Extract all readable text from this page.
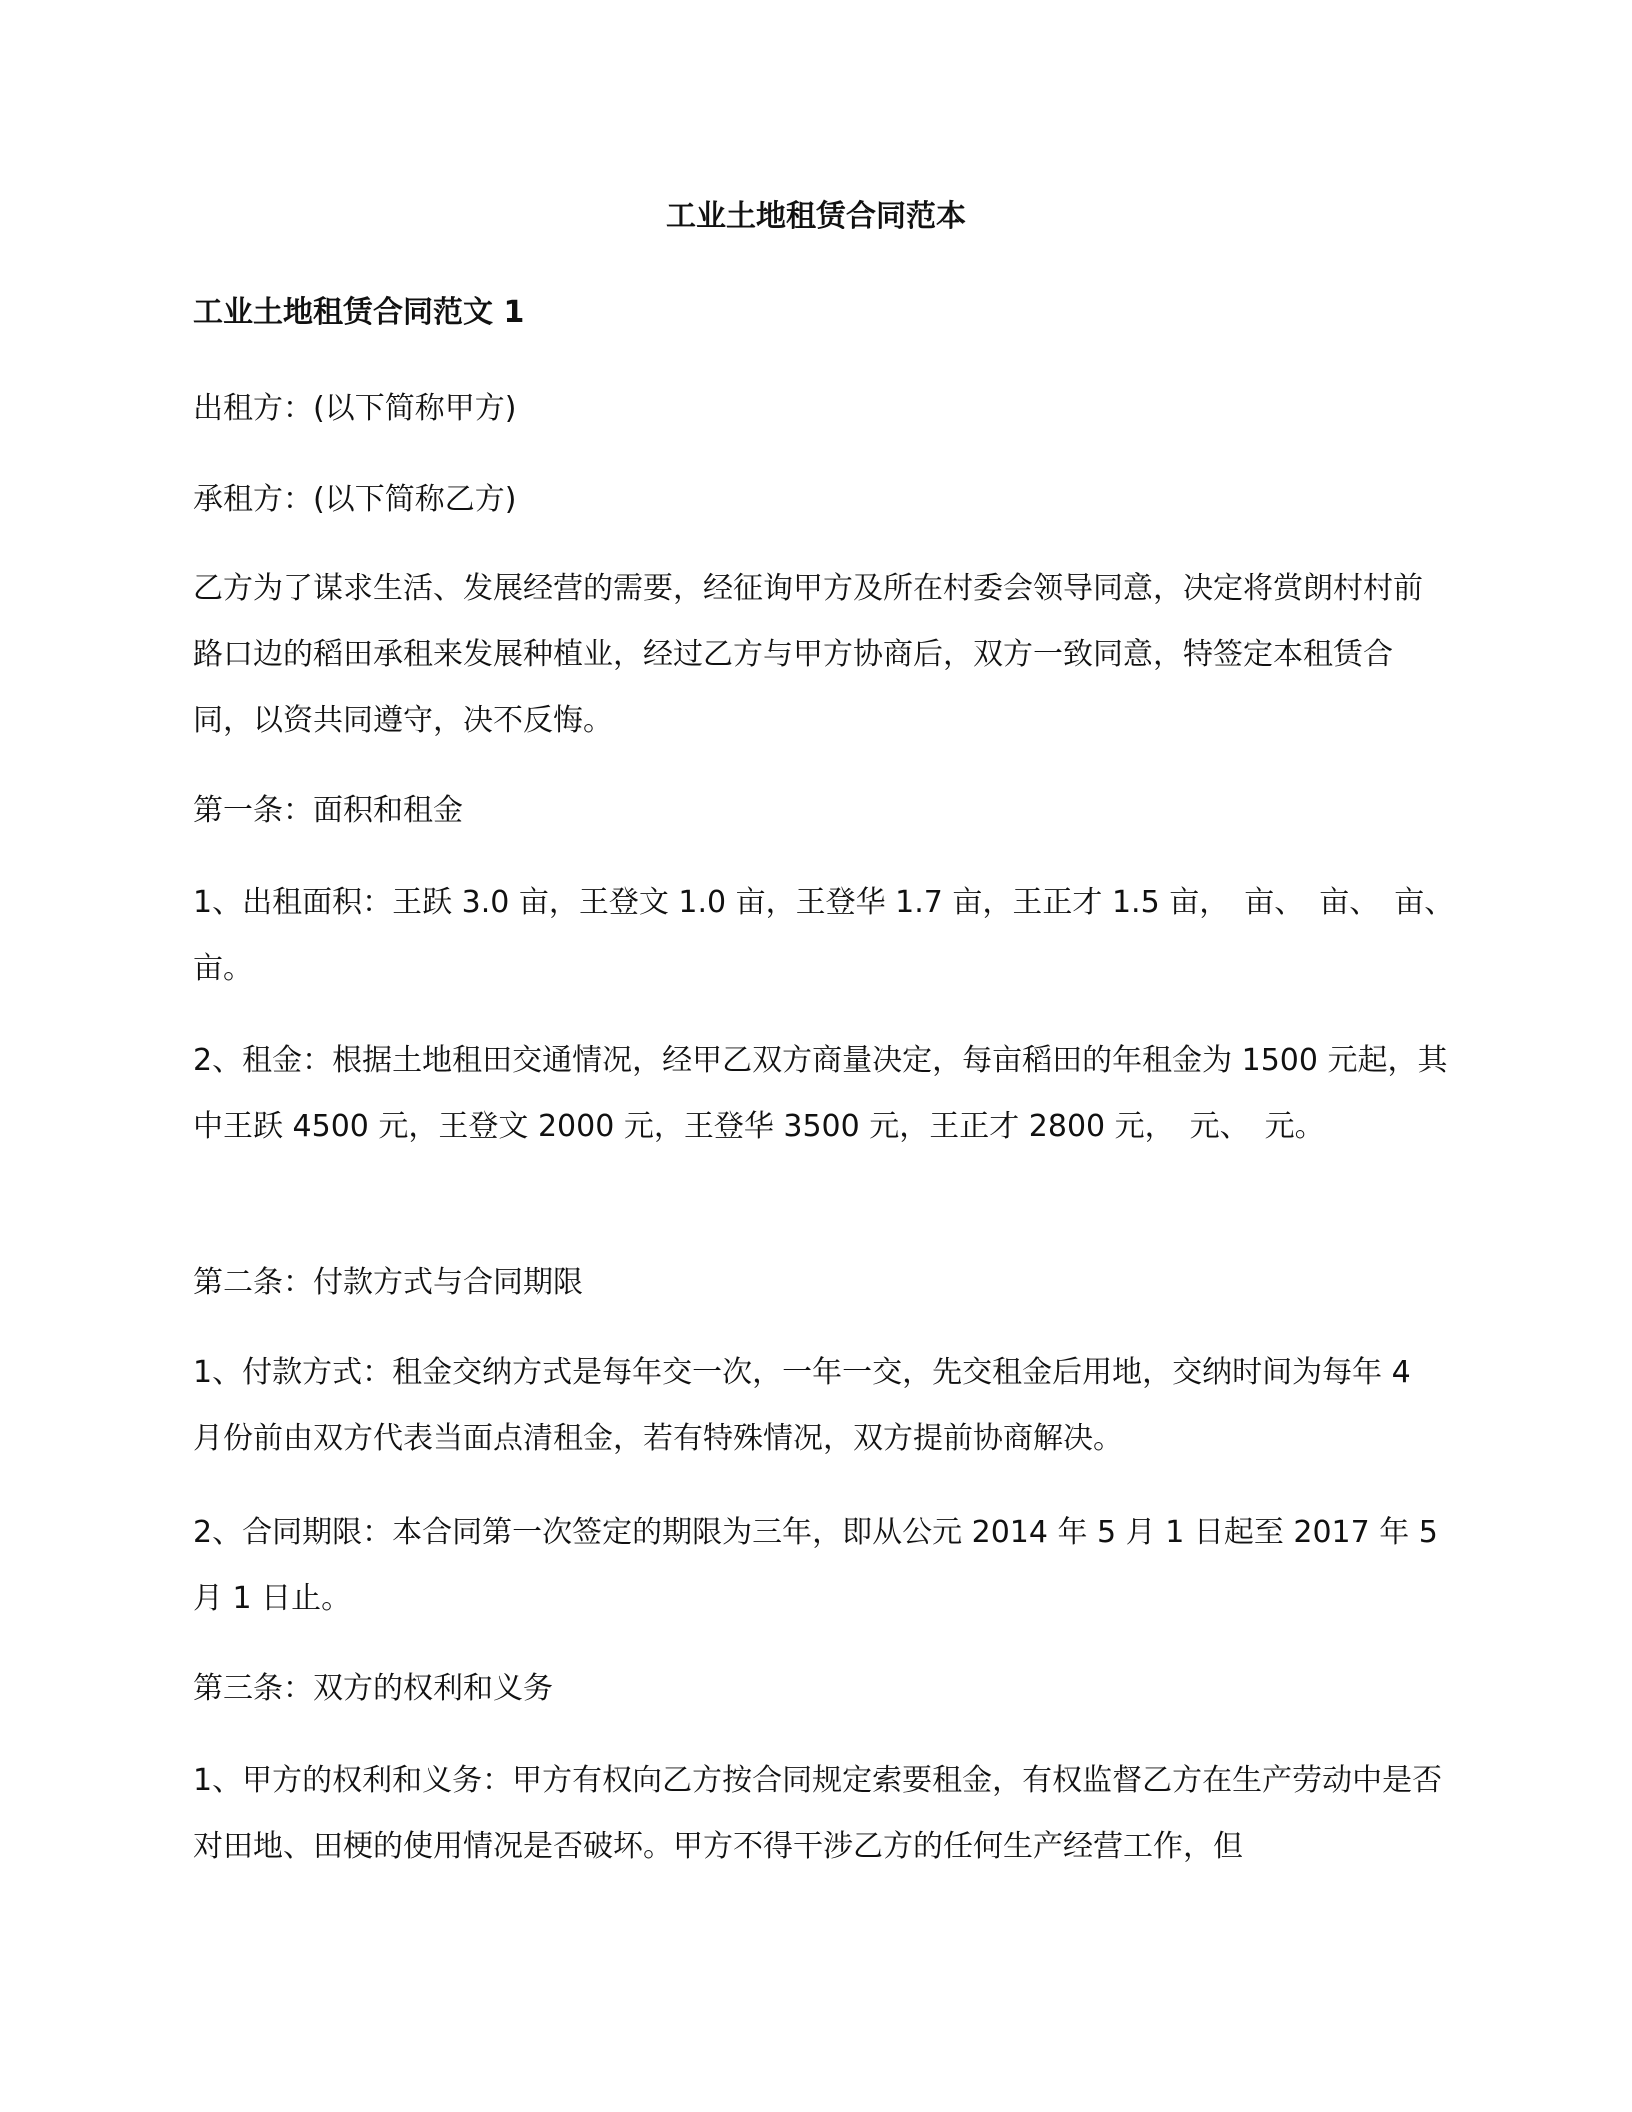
工业土地租赁合同范本
工业土地租赁合同范文 1

出租方：(以下简称甲方)

承租方：(以下简称乙方)

乙方为了谋求生活、发展经营的需要，经征询甲方及所在村委会领导同意，决定将赏朗村村前路口边的稻田承租来发展种植业，经过乙方与甲方协商后，双方一致同意，特签定本租赁合同，以资共同遵守，决不反悔。

第一条：面积和租金

1、出租面积：王跃 3.0 亩，王登文 1.0 亩，王登华 1.7 亩，王正才 1.5 亩，　亩、　亩、　亩、　亩。

2、租金：根据土地租田交通情况，经甲乙双方商量决定，每亩稻田的年租金为 1500 元起，其中王跃 4500 元，王登文 2000 元，王登华 3500 元，王正才 2800 元，　元、　元。

第二条：付款方式与合同期限

1、付款方式：租金交纳方式是每年交一次，一年一交，先交租金后用地，交纳时间为每年 4 月份前由双方代表当面点清租金，若有特殊情况，双方提前协商解决。

2、合同期限：本合同第一次签定的期限为三年，即从公元 2014 年 5 月 1 日起至 2017 年 5 月 1 日止。

第三条：双方的权利和义务

1、甲方的权利和义务：甲方有权向乙方按合同规定索要租金，有权监督乙方在生产劳动中是否对田地、田梗的使用情况是否破坏。甲方不得干涉乙方的任何生产经营工作，但
